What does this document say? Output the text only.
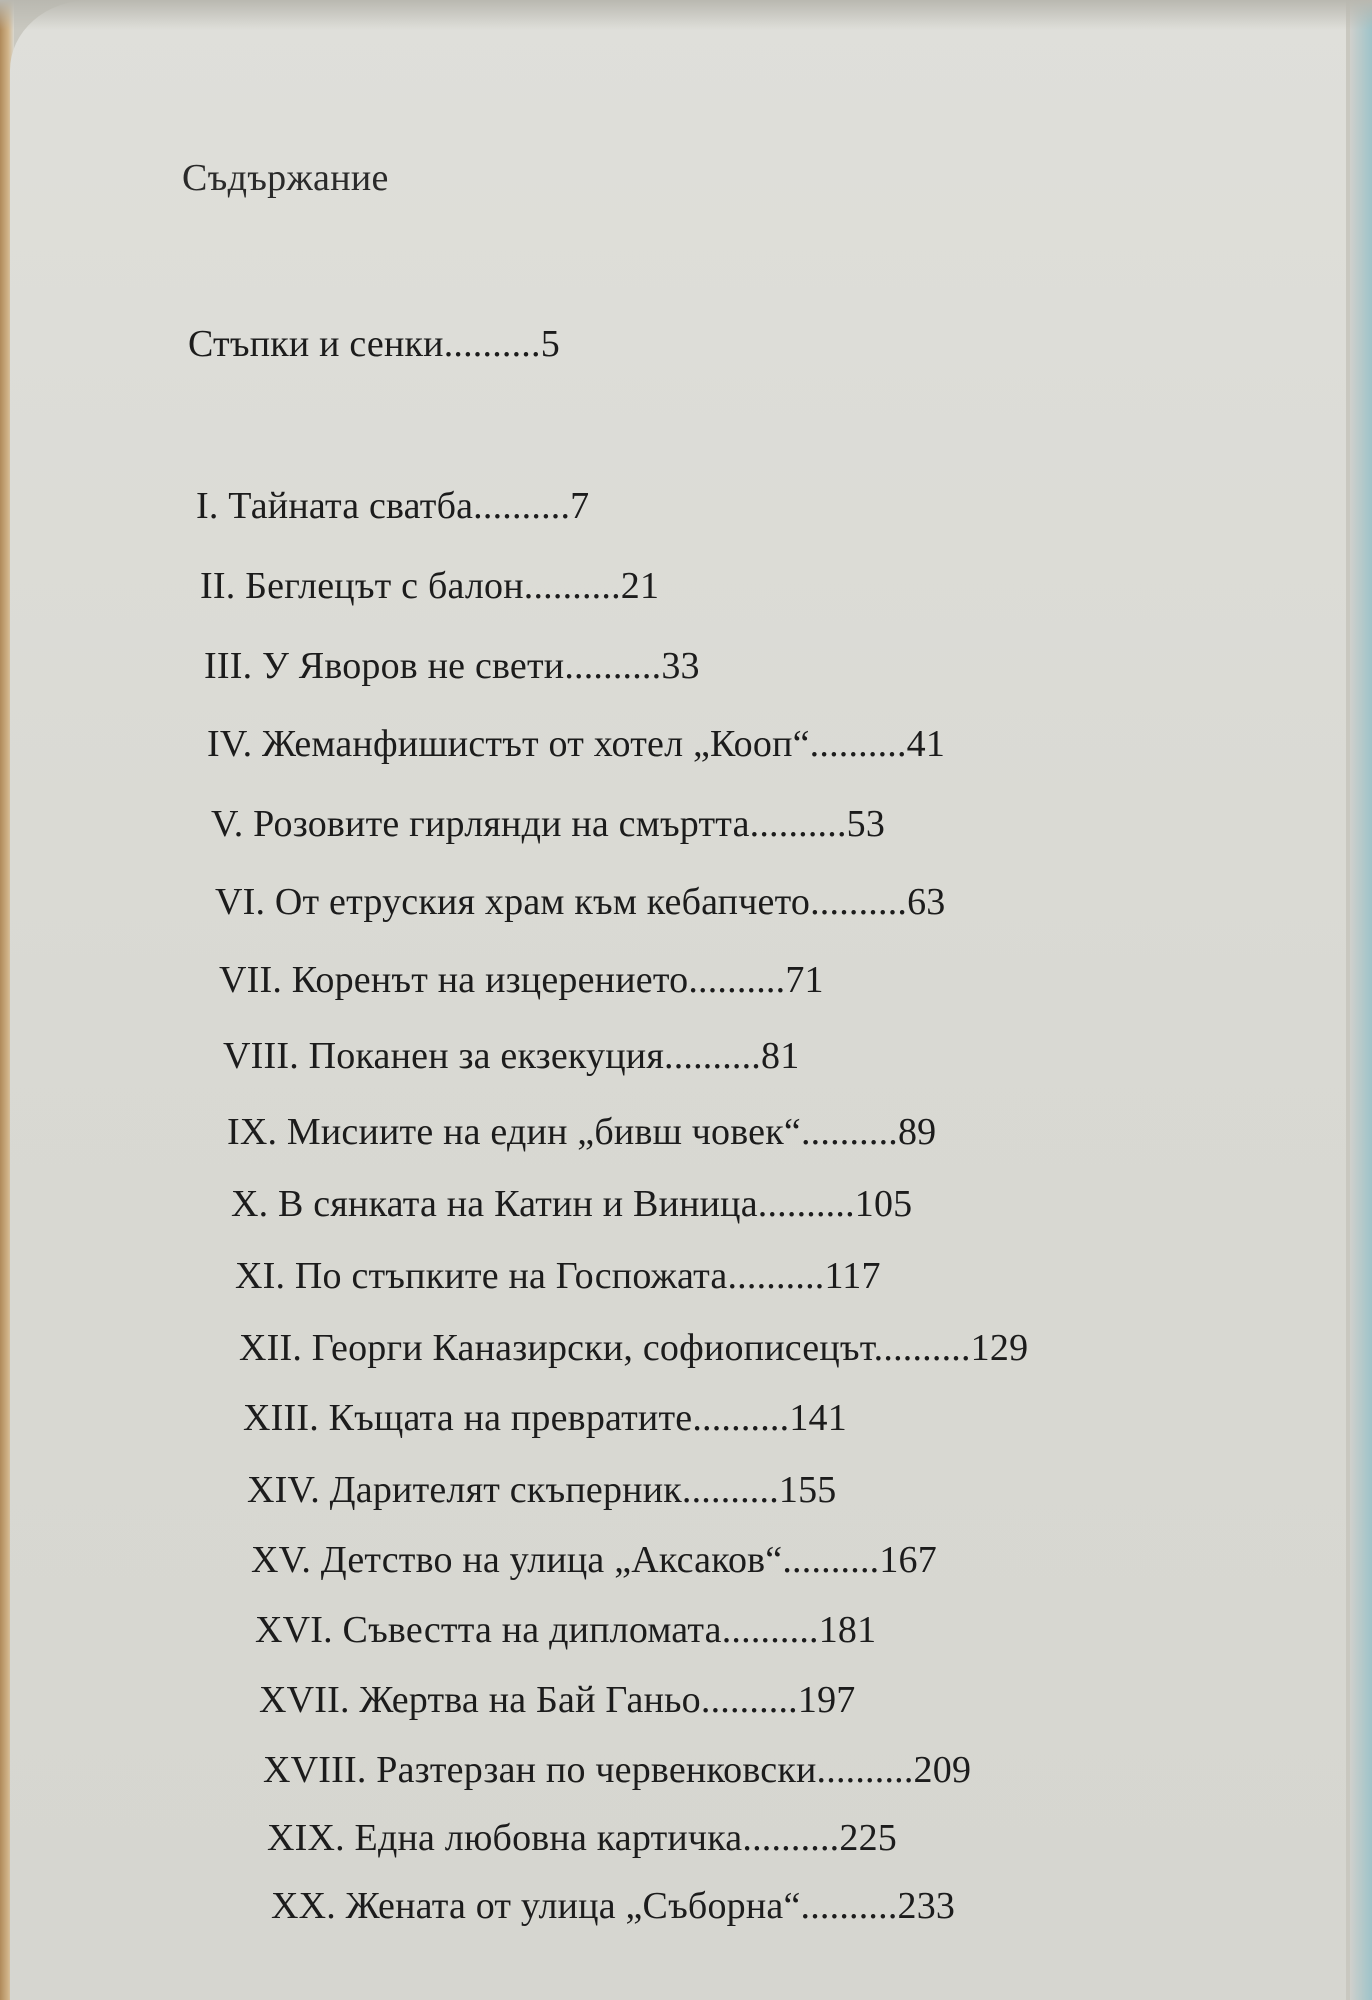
Съдържание
Стъпки и сенки..........5
I. Тайната сватба..........7
II. Беглецът с балон..........21
III. У Яворов не свети..........33
IV. Жеманфишистът от хотел „Кооп“..........41
V. Розовите гирлянди на смъртта..........53
VI. От етруския храм към кебапчето..........63
VII. Коренът на изцерението..........71
VIII. Поканен за екзекуция..........81
IX. Мисиите на един „бивш човек“..........89
X. В сянката на Катин и Виница..........105
XI. По стъпките на Госпожата..........117
XII. Георги Каназирски, софиописецът..........129
XIII. Къщата на превратите..........141
XIV. Дарителят скъперник..........155
XV. Детство на улица „Аксаков“..........167
XVI. Съвестта на дипломата..........181
XVII. Жертва на Бай Ганьо..........197
XVIII. Разтерзан по червенковски..........209
XIX. Една любовна картичка..........225
XX. Жената от улица „Съборна“..........233
